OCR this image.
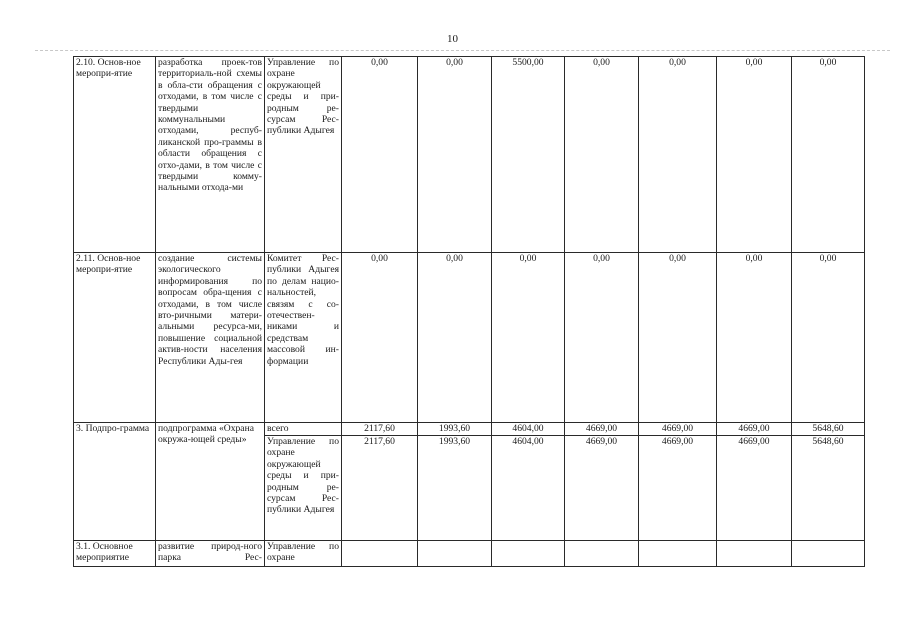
10
2.10. Основ-ное меропри-ятие	разработка проек-тов территориаль-ной схемы в обла-сти обращения с отходами, в том числе с твердыми коммунальными отходами, респуб-ликанской про-граммы в области обращения с отхо-дами, в том числе с твердыми комму-нальными отхода-ми	Управление по охране окружающей среды и при-родным ре-сурсам Рес-публики Адыгея	0,00	0,00	5500,00	0,00	0,00	0,00	0,00
2.11. Основ-ное меропри-ятие	создание системы экологического информирования по вопросам обра-щения с отходами, в том числе вто-ричными матери-альными ресурса-ми, повышение социальной актив-ности населения Республики Ады-гея	Комитет Рес-публики Адыгея по делам нацио-нальностей, связям с со-отечествен-никами и средствам массовой ин-формации	0,00	0,00	0,00	0,00	0,00	0,00	0,00
3. Подпро-грамма	подпрограмма «Охрана окружа-ющей среды»	всего	2117,60	1993,60	4604,00	4669,00	4669,00	4669,00	5648,60
		Управление по охране окружающей среды и при-родным ре-сурсам Рес-публики Адыгея	2117,60	1993,60	4604,00	4669,00	4669,00	4669,00	5648,60
3.1. Основное мероприятие	развитие природ-ного парка Рес-	Управление по охране							
